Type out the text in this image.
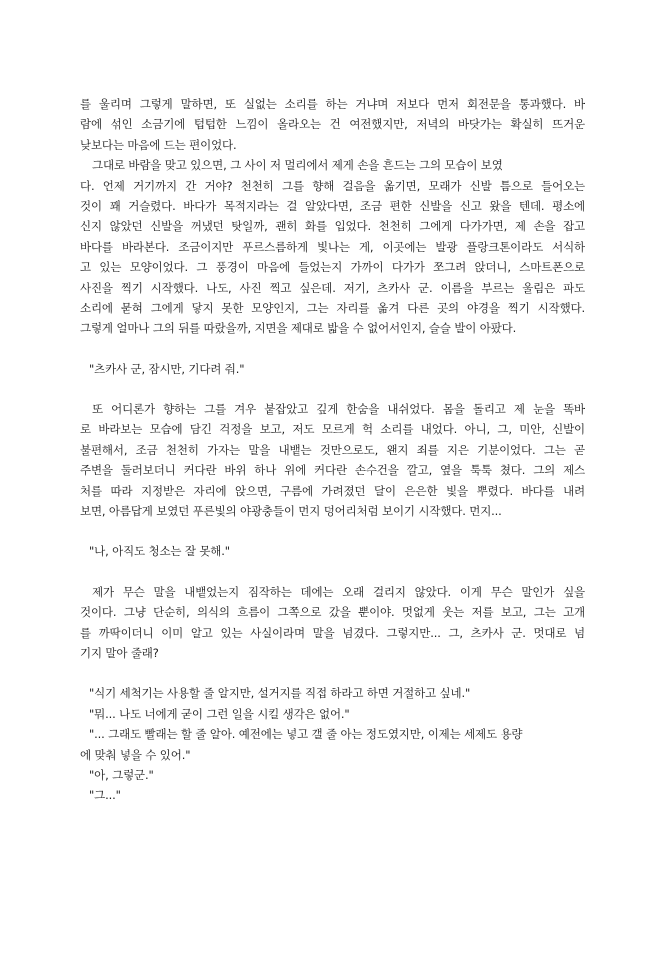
를 울리며 그렇게 말하면, 또 실없는 소리를 하는 거냐며 저보다 먼저 회전문을 통과했다. 바
람에 섞인 소금기에 텁텁한 느낌이 올라오는 건 여전했지만, 저녁의 바닷가는 확실히 뜨거운
낮보다는 마음에 드는 편이었다.
그대로 바람을 맞고 있으면, 그 사이 저 멀리에서 제게 손을 흔드는 그의 모습이 보였
다. 언제 거기까지 간 거야? 천천히 그를 향해 걸음을 옮기면, 모래가 신발 틈으로 들어오는
것이 꽤 거슬렸다. 바다가 목적지라는 걸 알았다면, 조금 편한 신발을 신고 왔을 텐데. 평소에
신지 않았던 신발을 꺼냈던 탓일까, 괜히 화를 입었다. 천천히 그에게 다가가면, 제 손을 잡고
바다를 바라본다. 조금이지만 푸르스름하게 빛나는 게, 이곳에는 발광 플랑크톤이라도 서식하
고 있는 모양이었다. 그 풍경이 마음에 들었는지 가까이 다가가 쪼그려 앉더니, 스마트폰으로
사진을 찍기 시작했다. 나도, 사진 찍고 싶은데. 저기, 츠카사 군. 이름을 부르는 울림은 파도
소리에 묻혀 그에게 닿지 못한 모양인지, 그는 자리를 옮겨 다른 곳의 야경을 찍기 시작했다.
그렇게 얼마나 그의 뒤를 따랐을까, 지면을 제대로 밟을 수 없어서인지, 슬슬 발이 아팠다.
"츠카사 군, 잠시만, 기다려 줘."
또 어디론가 향하는 그를 겨우 붙잡았고 깊게 한숨을 내쉬었다. 몸을 돌리고 제 눈을 똑바
로 바라보는 모습에 담긴 걱정을 보고, 저도 모르게 헉 소리를 내었다. 아니, 그, 미안, 신발이
불편해서, 조금 천천히 가자는 말을 내뱉는 것만으로도, 왠지 죄를 지은 기분이었다. 그는 곧
주변을 둘러보더니 커다란 바위 하나 위에 커다란 손수건을 깔고, 옆을 툭툭 쳤다. 그의 제스
처를 따라 지정받은 자리에 앉으면, 구름에 가려졌던 달이 은은한 빛을 뿌렸다. 바다를 내려
보면, 아름답게 보였던 푸른빛의 야광충들이 먼지 덩어리처럼 보이기 시작했다. 먼지...
"나, 아직도 청소는 잘 못해."
제가 무슨 말을 내뱉었는지 짐작하는 데에는 오래 걸리지 않았다. 이게 무슨 말인가 싶을
것이다. 그냥 단순히, 의식의 흐름이 그쪽으로 갔을 뿐이야. 멋없게 웃는 저를 보고, 그는 고개
를 까딱이더니 이미 알고 있는 사실이라며 말을 넘겼다. 그렇지만... 그, 츠카사 군. 멋대로 넘
기지 말아 줄래?
"식기 세척기는 사용할 줄 알지만, 설거지를 직접 하라고 하면 거절하고 싶네."
"뭐... 나도 너에게 굳이 그런 일을 시킬 생각은 없어."
"... 그래도 빨래는 할 줄 알아. 예전에는 넣고 갤 줄 아는 정도였지만, 이제는 세제도 용량
에 맞춰 넣을 수 있어."
"아, 그렇군."
"그..."
